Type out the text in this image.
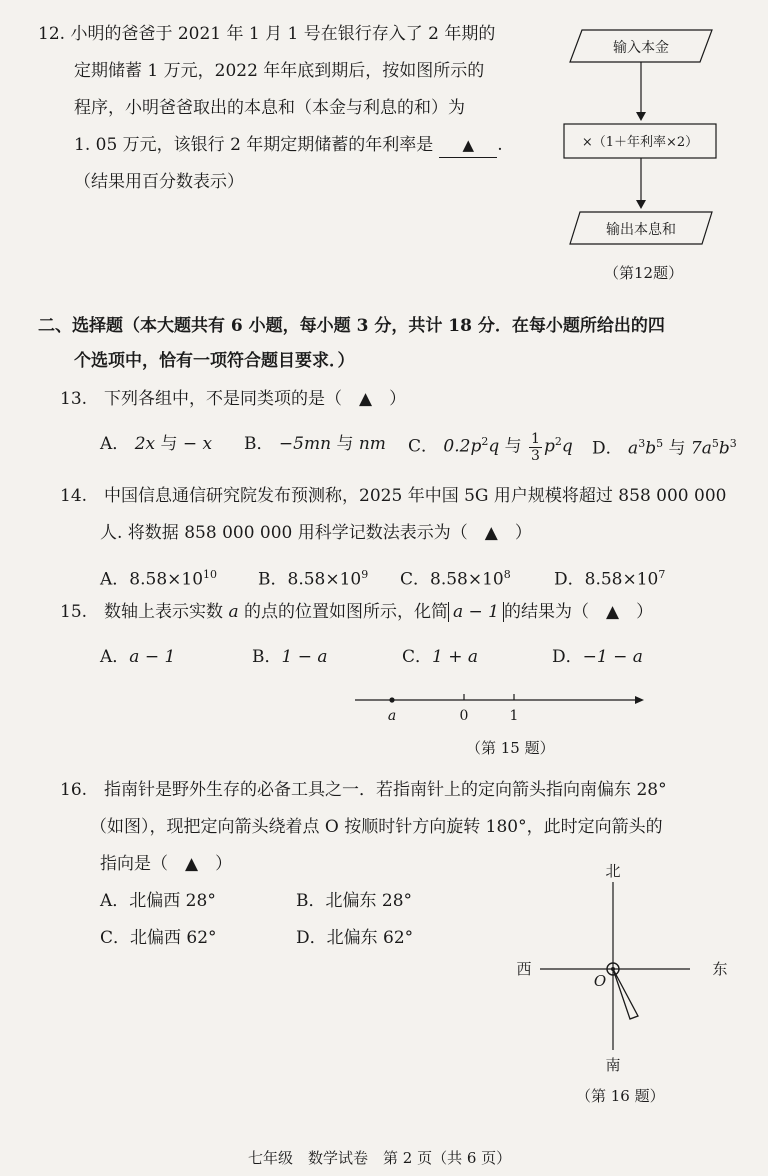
12. 小明的爸爸于 2021 年 1 月 1 号在银行存入了 2 年期的
定期储蓄 1 万元，2022 年年底到期后，按如图所示的
程序，小明爸爸取出的本息和（本金与利息的和）为
1. 05 万元，该银行 2 年期定期储蓄的年利率是 ▲ .
（结果用百分数表示）
输入本金
×（1＋年利率×2）
输出本息和
（第12题）
二、选择题（本大题共有 6 小题，每小题 3 分，共计 18 分．在每小题所给出的四
个选项中，恰有一项符合题目要求．）
13.　下列各组中，不是同类项的是（　▲　）
A． 2x 与 − x B． −5mn 与 nm C． $0.2p^2q$ 与 $\frac{1}{3} p^2q$ D． $a^3b^5$ 与 $7a^5b^3$
14.　中国信息通信研究院发布预测称，2025 年中国 5G 用户规模将超过 858 000 000
人. 将数据 858 000 000 用科学记数法表示为（　▲　）
A．$8.58\times 10^{10}$ B．$8.58\times 10^9$ C．$8.58\times 10^8$	D．$8.58\times 10^7$
15.　数轴上表示实数 a 的点的位置如图所示，化简 a − 1 的结果为（　▲　）
A．a − 1	B．1 − a	C．1 + a	D．−1 − a
a	0	1
（第 15 题）
16.　指南针是野外生存的必备工具之一．若指南针上的定向箭头指向南偏东 28°
（如图），现把定向箭头绕着点 O 按顺时针方向旋转 180°，此时定向箭头的
指向是（　▲　）
A．北偏西 28°	B．北偏东 28°
C．北偏西 62°	D．北偏东 62°
北
南
西	东
O
（第 16 题）
七年级　数学试卷　第 2 页（共 6 页）
